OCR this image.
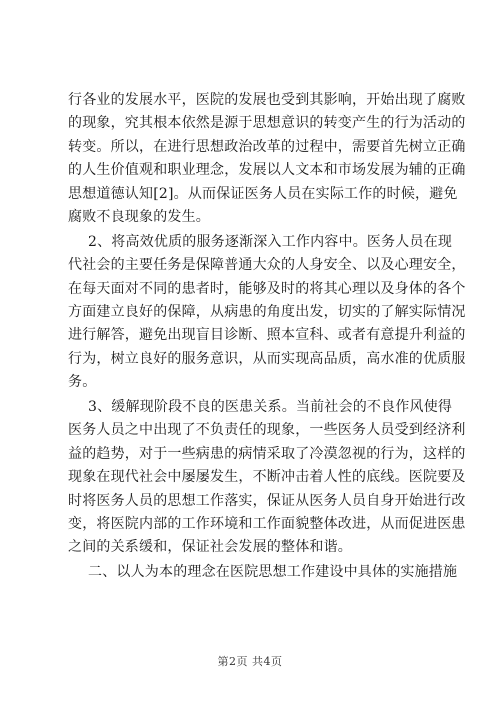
行各业的发展水平，医院的发展也受到其影响，开始出现了腐败
的现象，究其根本依然是源于思想意识的转变产生的行为活动的
转变。所以，在进行思想政治改革的过程中，需要首先树立正确
的人生价值观和职业理念，发展以人文本和市场发展为辅的正确
思想道德认知[2]。从而保证医务人员在实际工作的时候，避免
腐败不良现象的发生。
2、将高效优质的服务逐渐深入工作内容中。医务人员在现
代社会的主要任务是保障普通大众的人身安全、以及心理安全，
在每天面对不同的患者时，能够及时的将其心理以及身体的各个
方面建立良好的保障，从病患的角度出发，切实的了解实际情况
进行解答，避免出现盲目诊断、照本宣科、或者有意提升利益的
行为，树立良好的服务意识，从而实现高品质，高水准的优质服
务。
3、缓解现阶段不良的医患关系。当前社会的不良作风使得
医务人员之中出现了不负责任的现象，一些医务人员受到经济利
益的趋势，对于一些病患的病情采取了冷漠忽视的行为，这样的
现象在现代社会中屡屡发生，不断冲击着人性的底线。医院要及
时将医务人员的思想工作落实，保证从医务人员自身开始进行改
变，将医院内部的工作环境和工作面貌整体改进，从而促进医患
之间的关系缓和，保证社会发展的整体和谐。
二、以人为本的理念在医院思想工作建设中具体的实施措施
第2页 共4页
